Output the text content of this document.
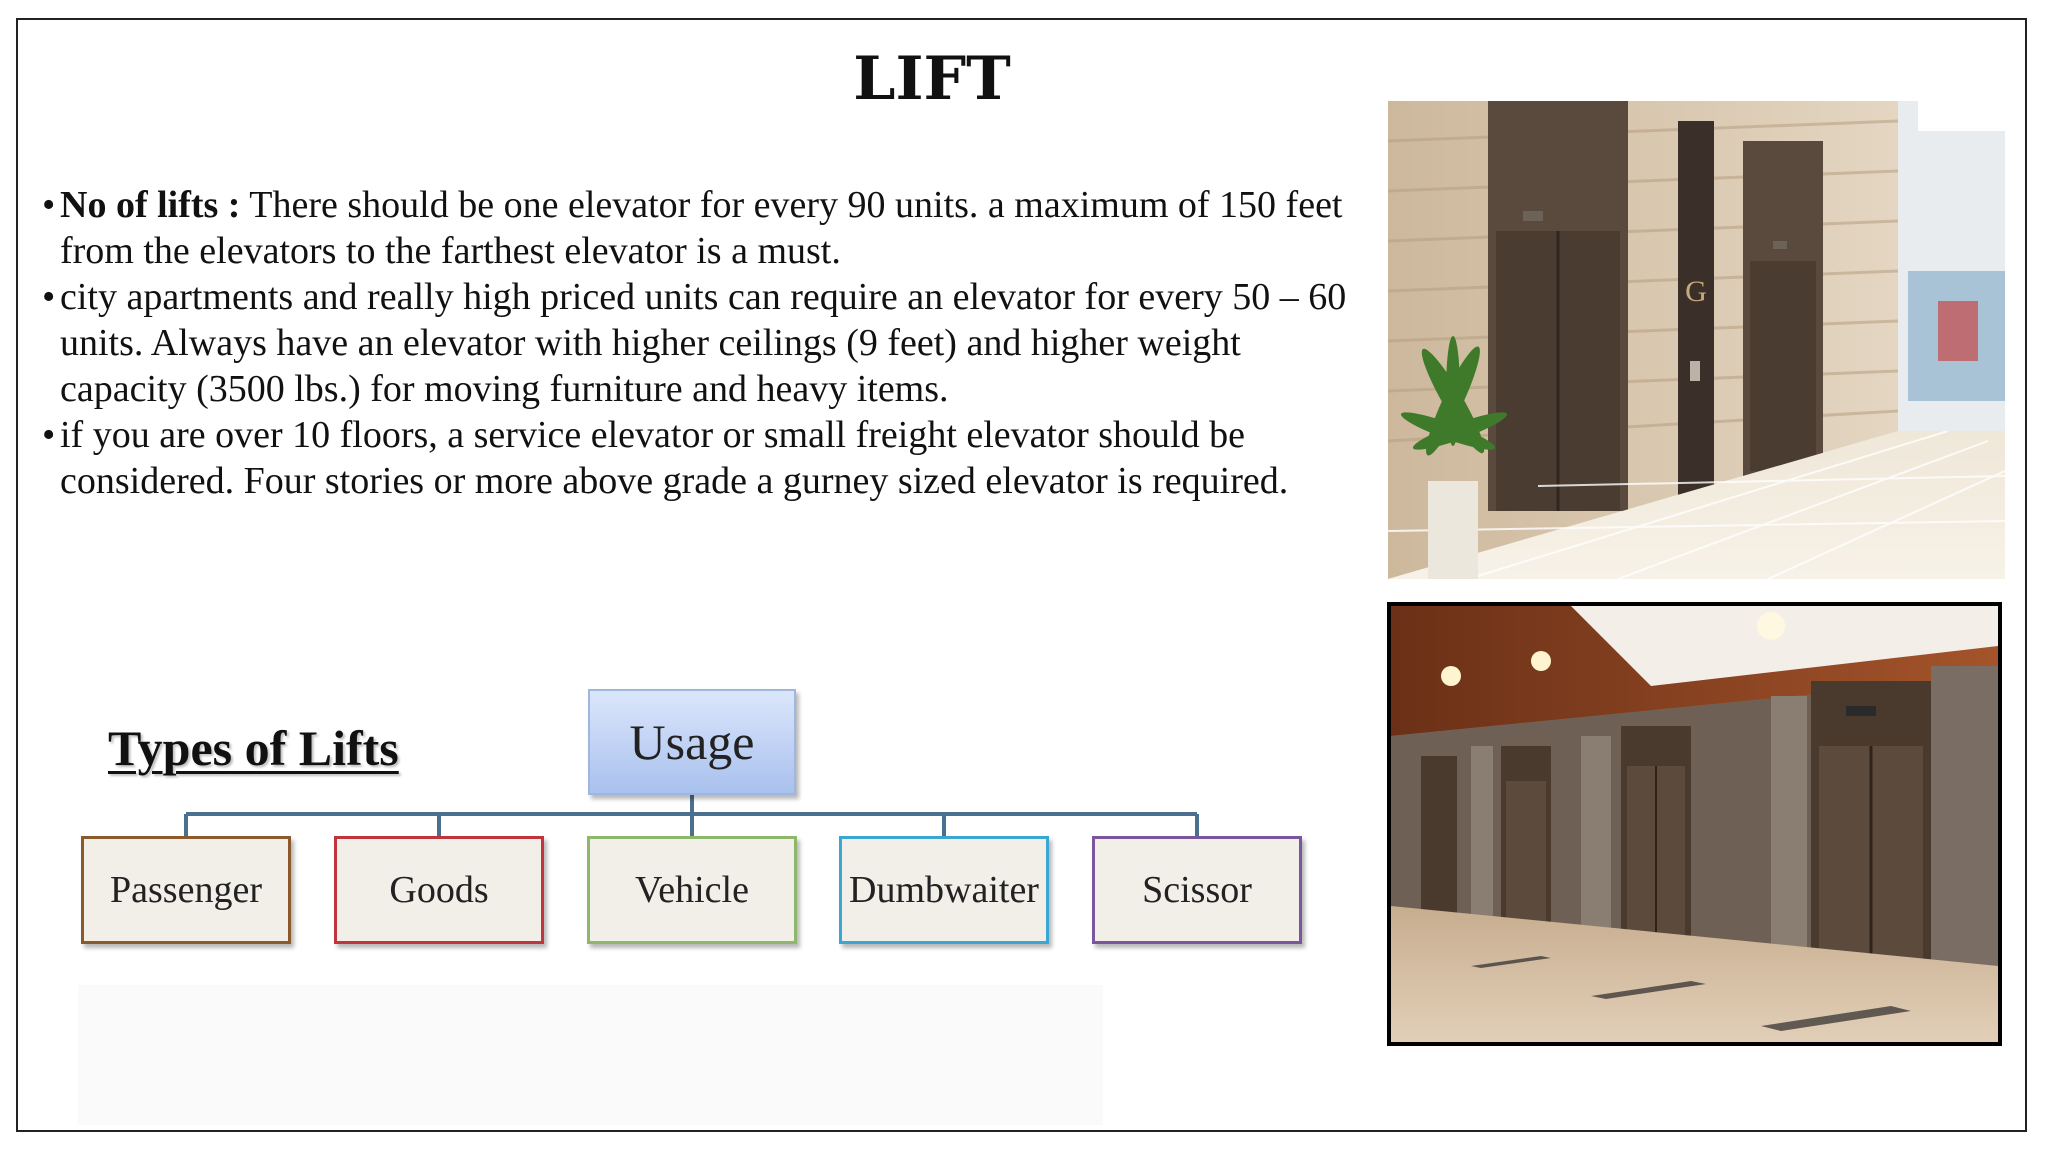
LIFT
• No of lifts : There should be one elevator for every 90 units. a maximum of 150 feet from the elevators to the farthest elevator is a must.
• city apartments and really high priced units can require an elevator for every 50 – 60 units. Always have an elevator with higher ceilings (9 feet) and higher weight capacity (3500 lbs.) for moving furniture and heavy items.
• if you are over 10 floors, a service elevator or small freight elevator should be considered. Four stories or more above grade a gurney sized elevator is required.
G
Types of Lifts	Usage
Passenger	Goods	Vehicle	Dumbwaiter	Scissor
